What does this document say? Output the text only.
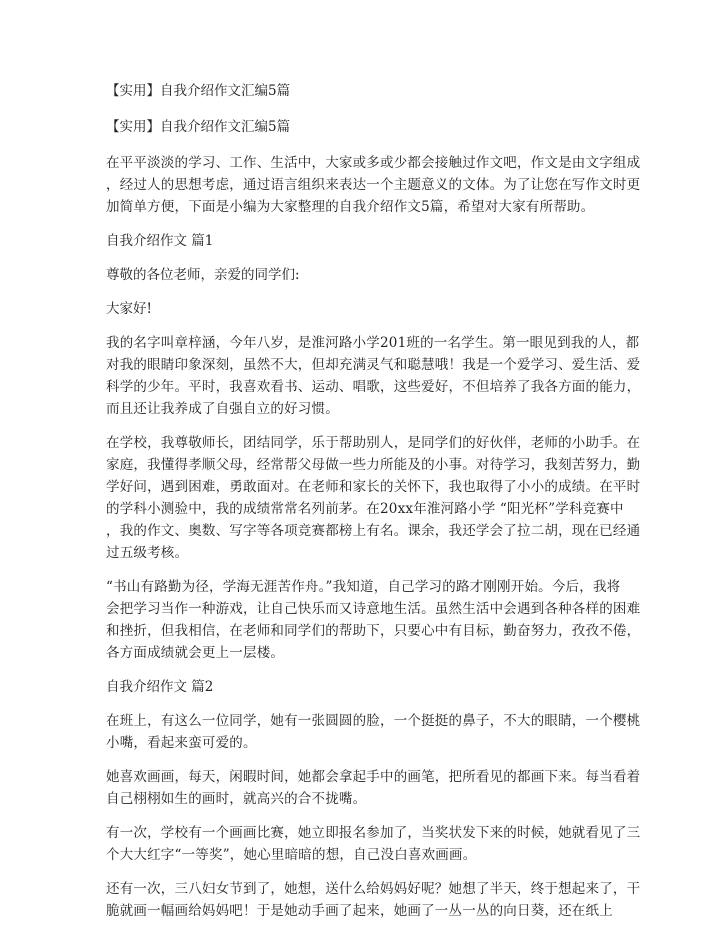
【实用】自我介绍作文汇编5篇
【实用】自我介绍作文汇编5篇
在平平淡淡的学习、工作、生活中，大家或多或少都会接触过作文吧，作文是由文字组成
，经过人的思想考虑，通过语言组织来表达一个主题意义的文体。为了让您在写作文时更
加简单方便，下面是小编为大家整理的自我介绍作文5篇，希望对大家有所帮助。
自我介绍作文 篇1
尊敬的各位老师，亲爱的同学们:
大家好!
我的名字叫章梓涵，今年八岁，是淮河路小学201班的一名学生。第一眼见到我的人，都
对我的眼睛印象深刻，虽然不大，但却充满灵气和聪慧哦！我是一个爱学习、爱生活、爱
科学的少年。平时，我喜欢看书、运动、唱歌，这些爱好，不但培养了我各方面的能力，
而且还让我养成了自强自立的好习惯。
在学校，我尊敬师长，团结同学，乐于帮助别人，是同学们的好伙伴，老师的小助手。在
家庭，我懂得孝顺父母，经常帮父母做一些力所能及的小事。对待学习，我刻苦努力，勤
学好问，遇到困难，勇敢面对。在老师和家长的关怀下，我也取得了小小的成绩。在平时
的学科小测验中，我的成绩常常名列前茅。在20xx年淮河路小学 “阳光杯”学科竞赛中
，我的作文、奥数、写字等各项竞赛都榜上有名。课余，我还学会了拉二胡，现在已经通
过五级考核。
“书山有路勤为径，学海无涯苦作舟。”我知道，自己学习的路才刚刚开始。今后，我将
会把学习当作一种游戏，让自己快乐而又诗意地生活。虽然生活中会遇到各种各样的困难
和挫折，但我相信，在老师和同学们的帮助下，只要心中有目标，勤奋努力，孜孜不倦，
各方面成绩就会更上一层楼。
自我介绍作文 篇2
在班上，有这么一位同学，她有一张圆圆的脸，一个挺挺的鼻子，不大的眼睛，一个樱桃
小嘴，看起来蛮可爱的。
她喜欢画画，每天，闲暇时间，她都会拿起手中的画笔，把所看见的都画下来。每当看着
自己栩栩如生的画时，就高兴的合不拢嘴。
有一次，学校有一个画画比赛，她立即报名参加了，当奖状发下来的时候，她就看见了三
个大大红字“一等奖”，她心里暗暗的想，自己没白喜欢画画。
还有一次，三八妇女节到了，她想，送什么给妈妈好呢？她想了半天，终于想起来了，干
脆就画一幅画给妈妈吧！于是她动手画了起来，她画了一丛一丛的向日葵，还在纸上
